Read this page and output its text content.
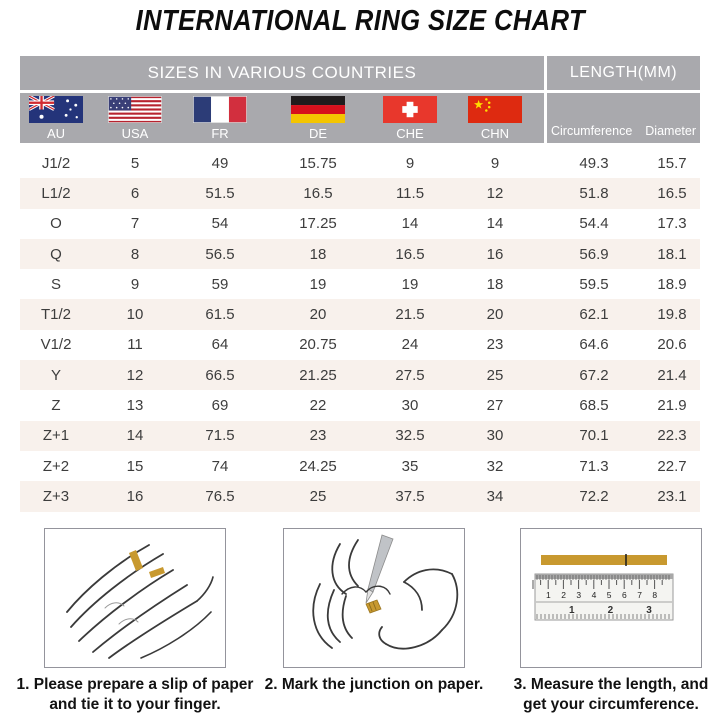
INTERNATIONAL RING SIZE CHART
SIZES IN VARIOUS COUNTRIES	LENGTH(MM)
AU	USA	FR	DE	CHE	CHN	Circumference Diameter
J1/2	5	49	15.75	9	9	49.3	15.7
L1/2	6	51.5	16.5	11.5	12	51.8	16.5
O	7	54	17.25	14	14	54.4	17.3
Q	8	56.5	18	16.5	16	56.9	18.1
S	9	59	19	19	18	59.5	18.9
T1/2	10	61.5	20	21.5	20	62.1	19.8
V1/2	11	64	20.75	24	23	64.6	20.6
Y	12	66.5	21.25	27.5	25	67.2	21.4
Z	13	69	22	30	27	68.5	21.9
Z+1	14	71.5	23	32.5	30	70.1	22.3
Z+2	15	74	24.25	35	32	71.3	22.7
Z+3	16	76.5	25	37.5	34	72.2	23.1
1. Please prepare a slip of paper
and tie it to your finger.
2. Mark the junction on paper.
1 2 3 4 5 6 7 8
1	2	3
3. Measure the length, and
get your circumference.
